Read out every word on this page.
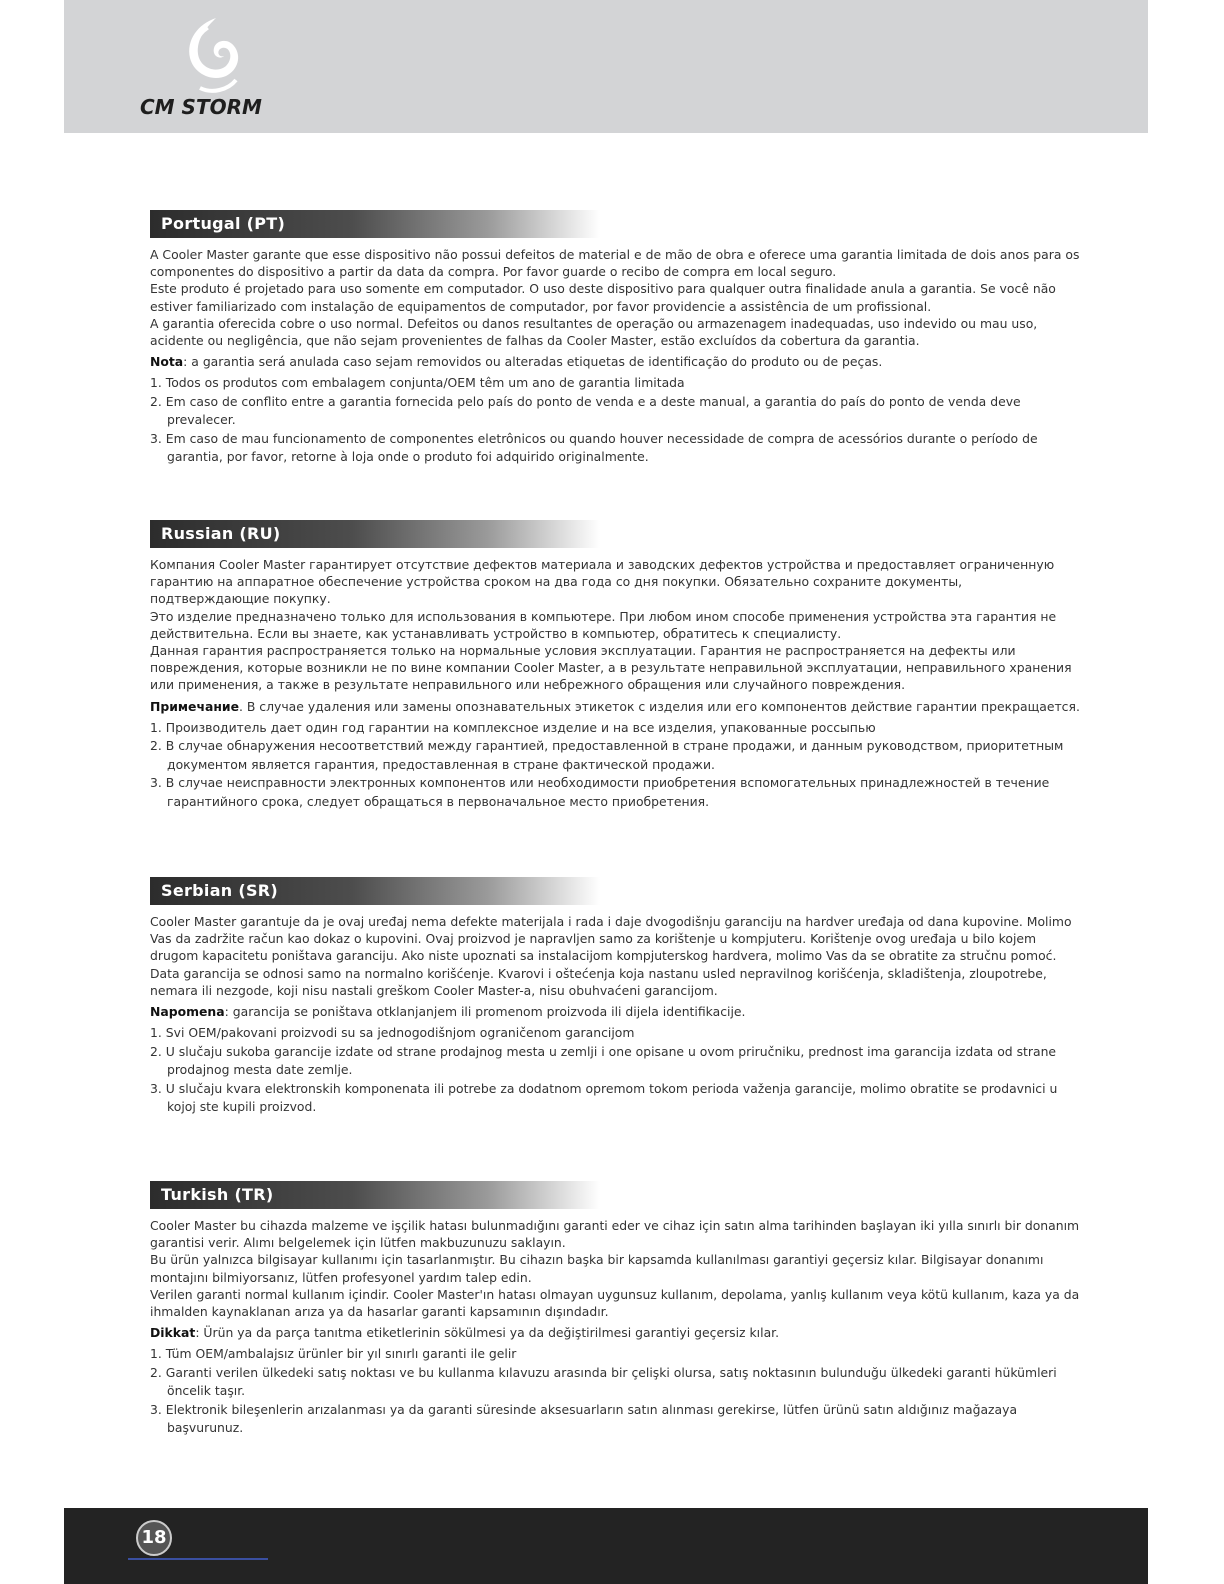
CM STORM
Portugal (PT)

A Cooler Master garante que esse dispositivo não possui defeitos de material e de mão de obra e oferece uma garantia limitada de dois anos para os componentes do dispositivo a partir da data da compra. Por favor guarde o recibo de compra em local seguro.

Este produto é projetado para uso somente em computador. O uso deste dispositivo para qualquer outra finalidade anula a garantia. Se você não estiver familiarizado com instalação de equipamentos de computador, por favor providencie a assistência de um profissional.

A garantia oferecida cobre o uso normal. Defeitos ou danos resultantes de operação ou armazenagem inadequadas, uso indevido ou mau uso, acidente ou negligência, que não sejam provenientes de falhas da Cooler Master, estão excluídos da cobertura da garantia.

Nota: a garantia será anulada caso sejam removidos ou alteradas etiquetas de identificação do produto ou de peças.

1. Todos os produtos com embalagem conjunta/OEM têm um ano de garantia limitada
2. Em caso de conflito entre a garantia fornecida pelo país do ponto de venda e a deste manual, a garantia do país do ponto de venda deve prevalecer.
3. Em caso de mau funcionamento de componentes eletrônicos ou quando houver necessidade de compra de acessórios durante o período de garantia, por favor, retorne à loja onde o produto foi adquirido originalmente.
Russian (RU)

Компания Cooler Master гарантирует отсутствие дефектов материала и заводских дефектов устройства и предоставляет ограниченную гарантию на аппаратное обеспечение устройства сроком на два года со дня покупки. Обязательно сохраните документы, подтверждающие покупку.

Это изделие предназначено только для использования в компьютере. При любом ином способе применения устройства эта гарантия не действительна. Если вы знаете, как устанавливать устройство в компьютер, обратитесь к специалисту.

Данная гарантия распространяется только на нормальные условия эксплуатации. Гарантия не распространяется на дефекты или повреждения, которые возникли не по вине компании Cooler Master, а в результате неправильной эксплуатации, неправильного хранения или применения, а также в результате неправильного или небрежного обращения или случайного повреждения.

Примечание. В случае удаления или замены опознавательных этикеток с изделия или его компонентов действие гарантии прекращается.

1. Производитель дает один год гарантии на комплексное изделие и на все изделия, упакованные россыпью
2. В случае обнаружения несоответствий между гарантией, предоставленной в стране продажи, и данным руководством, приоритетным документом является гарантия, предоставленная в стране фактической продажи.
3. В случае неисправности электронных компонентов или необходимости приобретения вспомогательных принадлежностей в течение гарантийного срока, следует обращаться в первоначальное место приобретения.
Serbian (SR)

Cooler Master garantuje da je ovaj uređaj nema defekte materijala i rada i daje dvogodišnju garanciju na hardver uređaja od dana kupovine. Molimo Vas da zadržite račun kao dokaz o kupovini. Ovaj proizvod je napravljen samo za korištenje u kompjuteru. Korištenje ovog uređaja u bilo kojem drugom kapacitetu poništava garanciju. Ako niste upoznati sa instalacijom kompjuterskog hardvera, molimo Vas da se obratite za stručnu pomoć.

Data garancija se odnosi samo na normalno korišćenje. Kvarovi i oštećenja koja nastanu usled nepravilnog korišćenja, skladištenja, zloupotrebe, nemara ili nezgode, koji nisu nastali greškom Cooler Master-a, nisu obuhvaćeni garancijom.

Napomena: garancija se poništava otklanjanjem ili promenom proizvoda ili dijela identifikacije.

1. Svi OEM/pakovani proizvodi su sa jednogodišnjom ograničenom garancijom
2. U slučaju sukoba garancije izdate od strane prodajnog mesta u zemlji i one opisane u ovom priručniku, prednost ima garancija izdata od strane prodajnog mesta date zemlje.
3. U slučaju kvara elektronskih komponenata ili potrebe za dodatnom opremom tokom perioda važenja garancije, molimo obratite se prodavnici u kojoj ste kupili proizvod.
Turkish (TR)

Cooler Master bu cihazda malzeme ve işçilik hatası bulunmadığını garanti eder ve cihaz için satın alma tarihinden başlayan iki yılla sınırlı bir donanım garantisi verir. Alımı belgelemek için lütfen makbuzunuzu saklayın.

Bu ürün yalnızca bilgisayar kullanımı için tasarlanmıştır. Bu cihazın başka bir kapsamda kullanılması garantiyi geçersiz kılar. Bilgisayar donanımı montajını bilmiyorsanız, lütfen profesyonel yardım talep edin.

Verilen garanti normal kullanım içindir. Cooler Master'ın hatası olmayan uygunsuz kullanım, depolama, yanlış kullanım veya kötü kullanım, kaza ya da ihmalden kaynaklanan arıza ya da hasarlar garanti kapsamının dışındadır.

Dikkat: Ürün ya da parça tanıtma etiketlerinin sökülmesi ya da değiştirilmesi garantiyi geçersiz kılar.

1. Tüm OEM/ambalajsız ürünler bir yıl sınırlı garanti ile gelir
2. Garanti verilen ülkedeki satış noktası ve bu kullanma kılavuzu arasında bir çelişki olursa, satış noktasının bulunduğu ülkedeki garanti hükümleri öncelik taşır.
3. Elektronik bileşenlerin arızalanması ya da garanti süresinde aksesuarların satın alınması gerekirse, lütfen ürünü satın aldığınız mağazaya başvurunuz.
18
